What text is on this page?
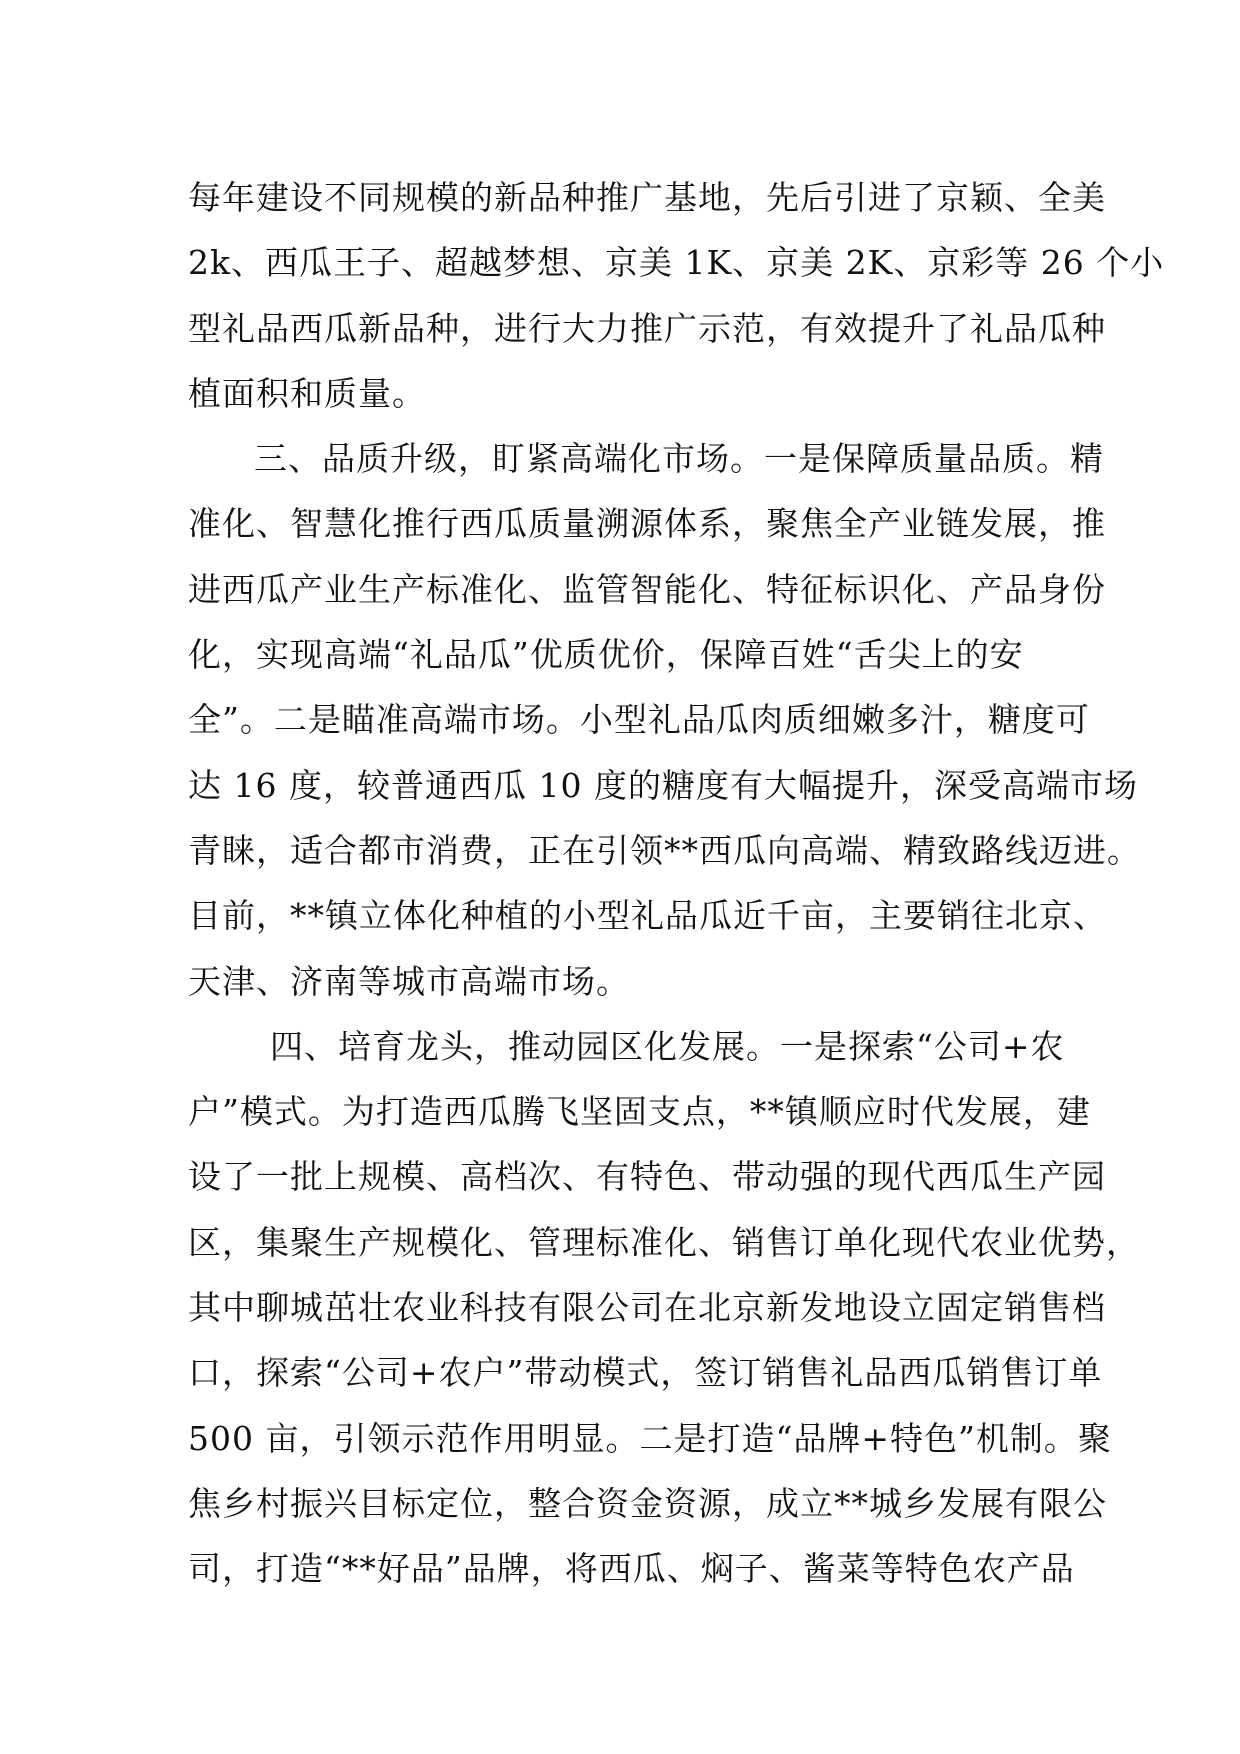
每年建设不同规模的新品种推广基地，先后引进了京颖、全美
2k、西瓜王子、超越梦想、京美 1K、京美 2K、京彩等 26 个小
型礼品西瓜新品种，进行大力推广示范，有效提升了礼品瓜种
植面积和质量。
三、品质升级，盯紧高端化市场。一是保障质量品质。精
准化、智慧化推行西瓜质量溯源体系，聚焦全产业链发展，推
进西瓜产业生产标准化、监管智能化、特征标识化、产品身份
化，实现高端“礼品瓜”优质优价，保障百姓“舌尖上的安
全”。二是瞄准高端市场。小型礼品瓜肉质细嫩多汁，糖度可
达 16 度，较普通西瓜 10 度的糖度有大幅提升，深受高端市场
青睐，适合都市消费，正在引领**西瓜向高端、精致路线迈进。
目前，**镇立体化种植的小型礼品瓜近千亩，主要销往北京、
天津、济南等城市高端市场。
四、培育龙头，推动园区化发展。一是探索“公司+农
户”模式。为打造西瓜腾飞坚固支点，**镇顺应时代发展，建
设了一批上规模、高档次、有特色、带动强的现代西瓜生产园
区，集聚生产规模化、管理标准化、销售订单化现代农业优势，
其中聊城茁壮农业科技有限公司在北京新发地设立固定销售档
口，探索“公司+农户”带动模式，签订销售礼品西瓜销售订单
500 亩，引领示范作用明显。二是打造“品牌+特色”机制。聚
焦乡村振兴目标定位，整合资金资源，成立**城乡发展有限公
司，打造“**好品”品牌，将西瓜、焖子、酱菜等特色农产品
